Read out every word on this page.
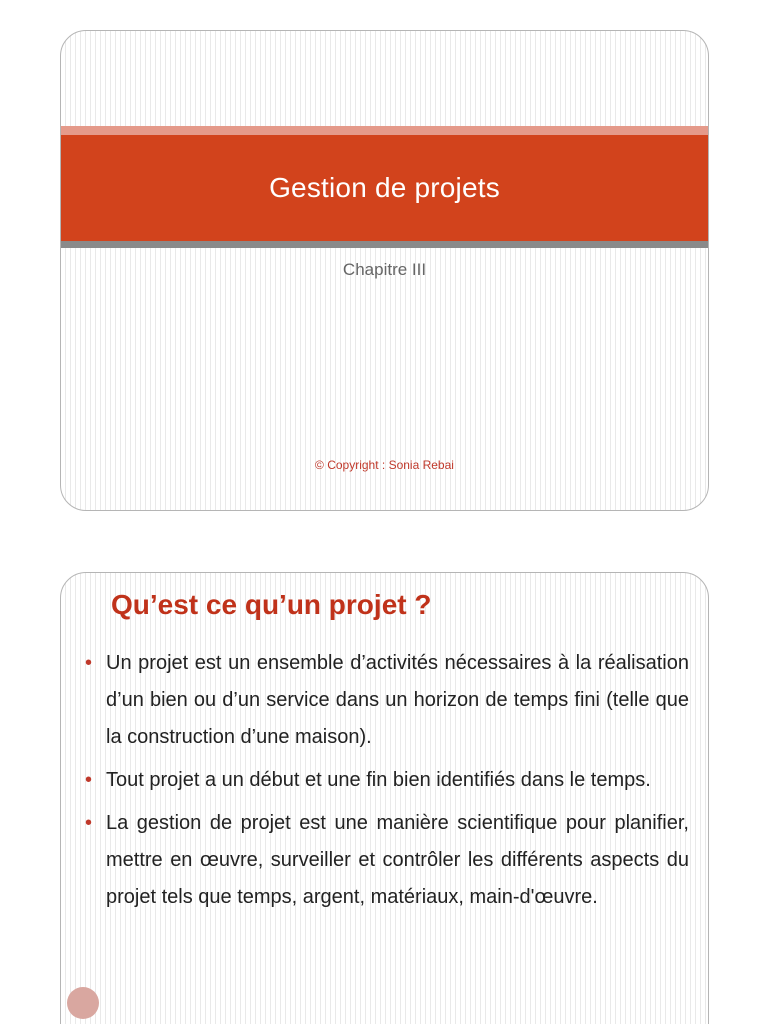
Gestion de projets
Chapitre III
© Copyright : Sonia Rebai
Qu’est ce qu’un projet ?
• Un projet est un ensemble d’activités nécessaires à la réalisation d’un bien ou d’un service dans un horizon de temps fini (telle que la construction d’une maison).
• Tout projet a un début et une fin bien identifiés dans le temps.
• La gestion de projet est une manière scientifique pour planifier, mettre en œuvre, surveiller et contrôler les différents aspects du projet tels que temps, argent, matériaux, main-d'œuvre.
